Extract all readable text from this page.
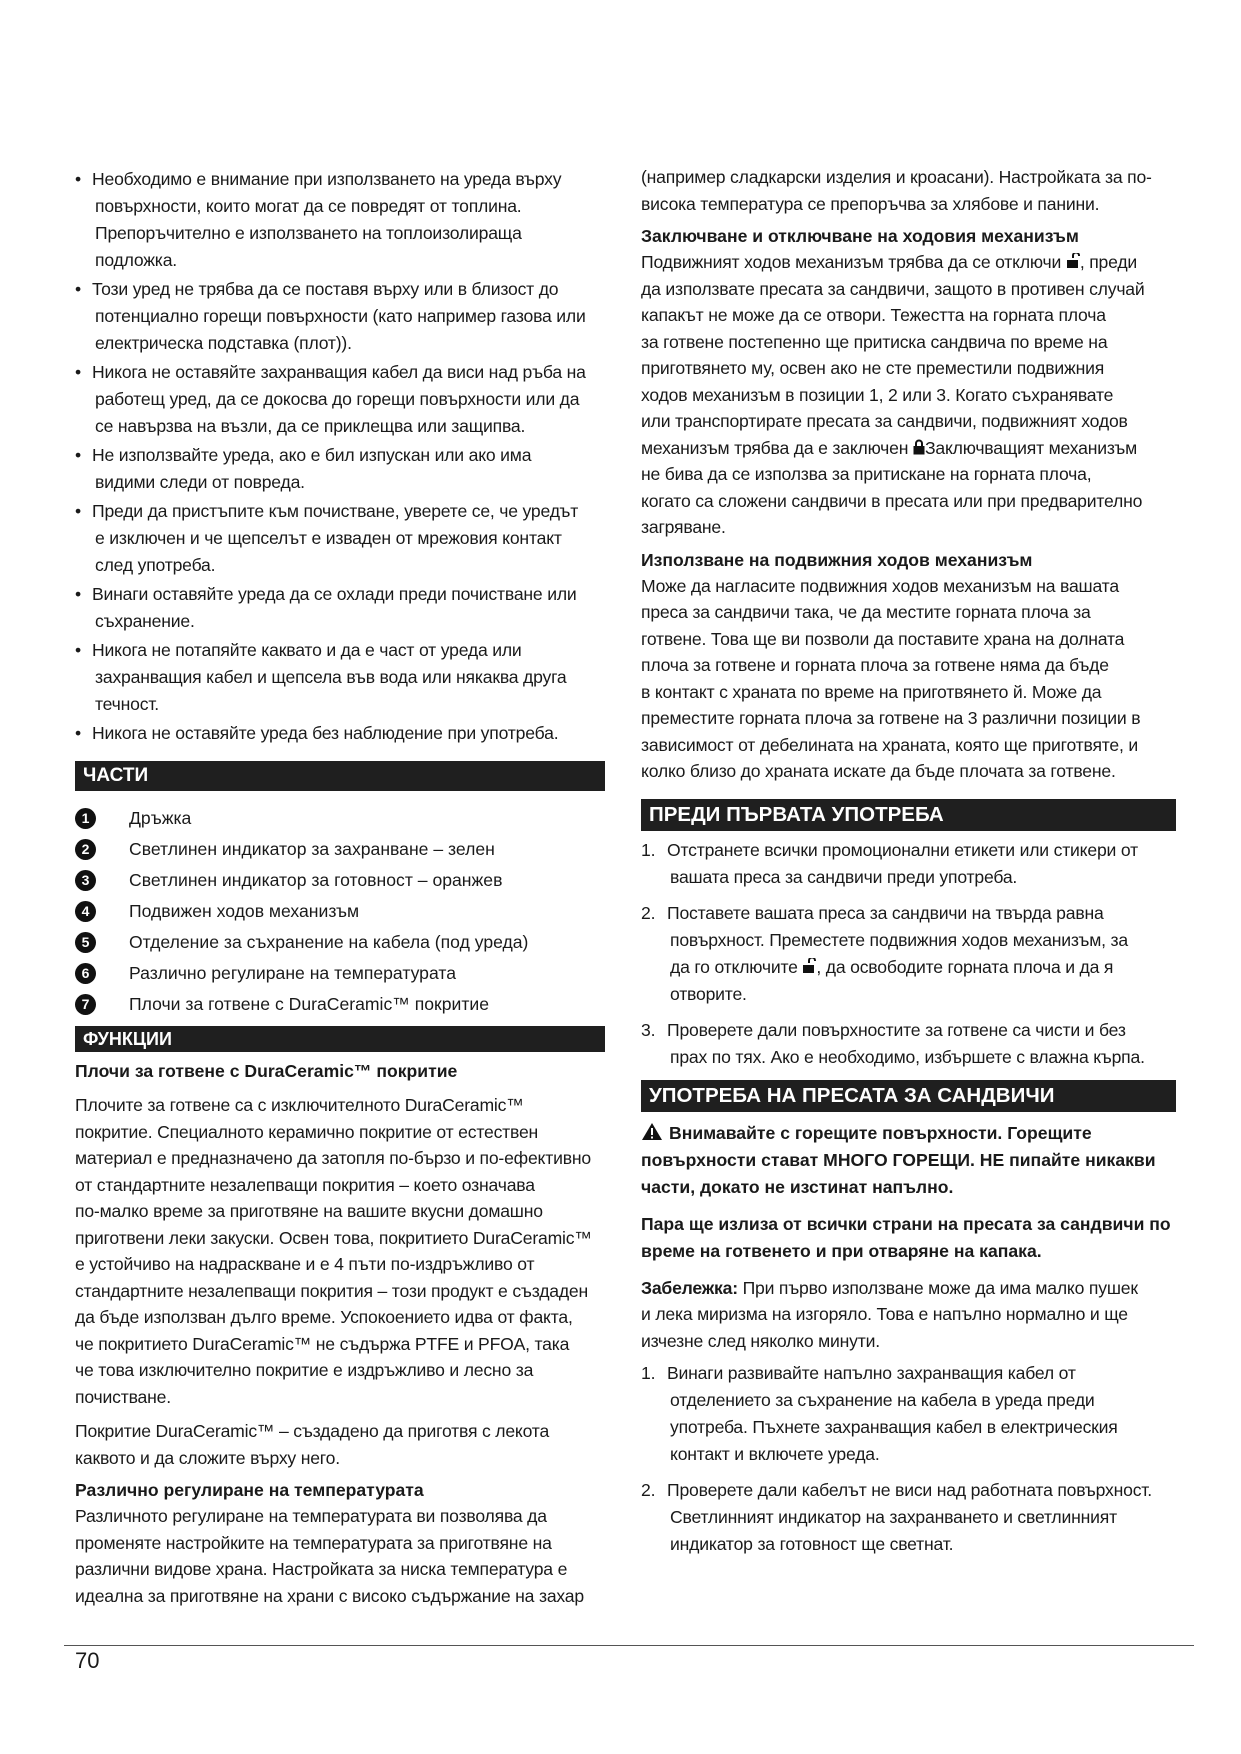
• Необходимо е внимание при използването на уреда върху
повърхности, които могат да се повредят от топлина.
Препоръчително е използването на топлоизолираща
подложка.
• Този уред не трябва да се поставя върху или в близост до
потенциално горещи повърхности (като например газова или
електрическа подставка (плот)).
• Никога не оставяйте захранващия кабел да виси над ръба на
работещ уред, да се докосва до горещи повърхности или да
се навързва на възли, да се приклещва или защипва.
• Не използвайте уреда, ако е бил изпускан или ако има
видими следи от повреда.
• Преди да пристъпите към почистване, уверете се, че уредът
е изключен и че щепселът е изваден от мрежовия контакт
след употреба.
• Винаги оставяйте уреда да се охлади преди почистване или
съхранение.
• Никога не потапяйте каквато и да е част от уреда или
захранващия кабел и щепсела във вода или някаква друга
течност.
• Никога не оставяйте уреда без наблюдение при употреба.
ЧАСТИ
1	Дръжка
2	Светлинен индикатор за захранване – зелен
3	Светлинен индикатор за готовност – оранжев
4	Подвижен ходов механизъм
5	Отделение за съхранение на кабела (под уреда)
6	Различно регулиране на температурата
7	Плочи за готвене с DuraCeramic™ покритие
ФУНКЦИИ
Плочи за готвене с DuraCeramic™ покритие
Плочите за готвене са с изключителното DuraCeramic™
покритие. Специалното керамично покритие от естествен
материал е предназначено да затопля по-бързо и по-ефективно
от стандартните незалепващи покрития – което означава
по-малко време за приготвяне на вашите вкусни домашно
приготвени леки закуски. Освен това, покритието DuraCeramic™
е устойчиво на надраскване и е 4 пъти по-издръжливо от
стандартните незалепващи покрития – този продукт е създаден
да бъде използван дълго време. Успокоението идва от факта,
че покритието DuraCeramic™ не съдържа PTFE и PFOA, така
че това изключително покритие е издръжливо и лесно за
почистване.
Покритие DuraCeramic™ – създадено да приготвя с лекота
каквото и да сложите върху него.
Различно регулиране на температурата
Различното регулиране на температурата ви позволява да
променяте настройките на температурата за приготвяне на
различни видове храна. Настройката за ниска температура е
идеална за приготвяне на храни с високо съдържание на захар
(например сладкарски изделия и кроасани). Настройката за по-
висока температура се препоръчва за хлябове и панини.
Заключване и отключване на ходовия механизъм
Подвижният ходов механизъм трябва да се отключи , преди
да използвате пресата за сандвичи, защото в противен случай
капакът не може да се отвори. Тежестта на горната плоча
за готвене постепенно ще притиска сандвича по време на
приготвянето му, освен ако не сте преместили подвижния
ходов механизъм в позиции 1, 2 или 3. Когато съхранявате
или транспортирате пресата за сандвичи, подвижният ходов
механизъм трябва да е заключен Заключващият механизъм
не бива да се използва за притискане на горната плоча,
когато са сложени сандвичи в пресата или при предварително
загряване.
Използване на подвижния ходов механизъм
Може да нагласите подвижния ходов механизъм на вашата
преса за сандвичи така, че да местите горната плоча за
готвене. Това ще ви позволи да поставите храна на долната
плоча за готвене и горната плоча за готвене няма да бъде
в контакт с храната по време на приготвянето й. Може да
преместите горната плоча за готвене на 3 различни позиции в
зависимост от дебелината на храната, която ще приготвяте, и
колко близо до храната искате да бъде плочата за готвене.
ПРЕДИ ПЪРВАТА УПОТРЕБА
1. Отстранете всички промоционални етикети или стикери от
вашата преса за сандвичи преди употреба.
2. Поставете вашата преса за сандвичи на твърда равна
повърхност. Преместете подвижния ходов механизъм, за
да го отключите , да освободите горната плоча и да я
отворите.
3. Проверете дали повърхностите за готвене са чисти и без
прах по тях. Ако е необходимо, избършете с влажна кърпа.
УПОТРЕБА НА ПРЕСАТА ЗА САНДВИЧИ
Внимавайте с горещите повърхности. Горещите
повърхности стават МНОГО ГОРЕЩИ. НЕ пипайте никакви
части, докато не изстинат напълно.
Пара ще излиза от всички страни на пресата за сандвичи по
време на готвенето и при отваряне на капака.
Забележка: При първо използване може да има малко пушек
и лека миризма на изгоряло. Това е напълно нормално и ще
изчезне след няколко минути.
1. Винаги развивайте напълно захранващия кабел от
отделението за съхранение на кабела в уреда преди
употреба. Пъхнете захранващия кабел в електрическия
контакт и включете уреда.
2. Проверете дали кабелът не виси над работната повърхност.
Светлинният индикатор на захранването и светлинният
индикатор за готовност ще светнат.
70
